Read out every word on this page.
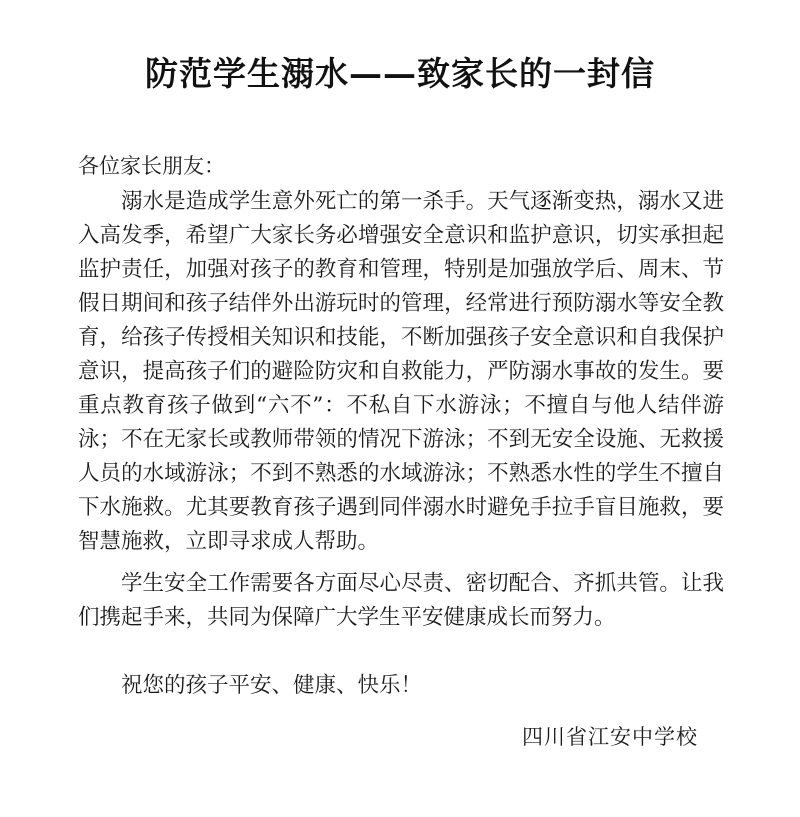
防范学生溺水——致家长的一封信
各位家长朋友：

溺水是造成学生意外死亡的第一杀手。天气逐渐变热，溺水又进入高发季，希望广大家长务必增强安全意识和监护意识，切实承担起监护责任，加强对孩子的教育和管理，特别是加强放学后、周末、节假日期间和孩子结伴外出游玩时的管理，经常进行预防溺水等安全教育，给孩子传授相关知识和技能，不断加强孩子安全意识和自我保护意识，提高孩子们的避险防灾和自救能力，严防溺水事故的发生。要重点教育孩子做到“六不”：不私自下水游泳；不擅自与他人结伴游泳；不在无家长或教师带领的情况下游泳；不到无安全设施、无救援人员的水域游泳；不到不熟悉的水域游泳；不熟悉水性的学生不擅自下水施救。尤其要教育孩子遇到同伴溺水时避免手拉手盲目施救，要智慧施救，立即寻求成人帮助。

学生安全工作需要各方面尽心尽责、密切配合、齐抓共管。让我们携起手来，共同为保障广大学生平安健康成长而努力。

祝您的孩子平安、健康、快乐！

四川省江安中学校
